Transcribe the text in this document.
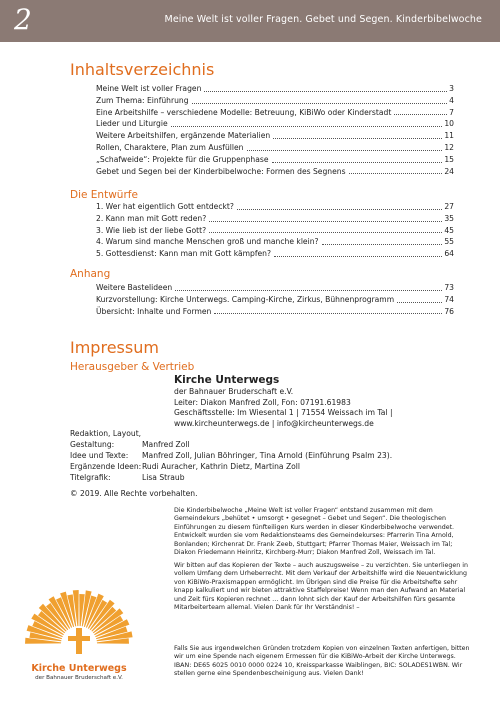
2	Meine Welt ist voller Fragen. Gebet und Segen. Kinderbibelwoche
Inhaltsverzeichnis
Meine Welt ist voller Fragen	3
Zum Thema: Einführung	4
Eine Arbeitshilfe – verschiedene Modelle: Betreuung, KiBiWo oder Kinderstadt	7
Lieder und Liturgie	10
Weitere Arbeitshilfen, ergänzende Materialien	11
Rollen, Charaktere, Plan zum Ausfüllen	12
„Schafweide“: Projekte für die Gruppenphase	15
Gebet und Segen bei der Kinderbibelwoche: Formen des Segnens	24
Die Entwürfe
1. Wer hat eigentlich Gott entdeckt?	27
2. Kann man mit Gott reden?	35
3. Wie lieb ist der liebe Gott?	45
4. Warum sind manche Menschen groß und manche klein?	55
5. Gottesdienst: Kann man mit Gott kämpfen?	64
Anhang
Weitere Bastelideen	73
Kurzvorstellung: Kirche Unterwegs. Camping-Kirche, Zirkus, Bühnenprogramm	74
Übersicht: Inhalte und Formen	76
Impressum
Herausgeber & Vertrieb
Kirche Unterwegs
der Bahnauer Bruderschaft e.V.
Leiter: Diakon Manfred Zoll, Fon: 07191.61983
Geschäftsstelle: Im Wiesental 1 | 71554 Weissach im Tal |
www.kircheunterwegs.de | info@kircheunterwegs.de
Redaktion, Layout,
Gestaltung:	Manfred Zoll
Idee und Texte:	Manfred Zoll, Julian Böhringer, Tina Arnold (Einführung Psalm 23).
Ergänzende Ideen: Rudi Auracher, Kathrin Dietz, Martina Zoll
Titelgrafik:	Lisa Straub
© 2019. Alle Rechte vorbehalten.
Die Kinderbibelwoche „Meine Welt ist voller Fragen“ entstand zusammen mit dem Gemeindekurs „behütet • umsorgt • gesegnet – Gebet und Segen“. Die theologischen Einführungen zu diesem fünfteiligen Kurs werden in dieser Kinderbibelwoche verwendet. Entwickelt wurden sie vom Redaktionsteams des Gemeindekurses: Pfarrerin Tina Arnold, Bonlanden; Kirchenrat Dr. Frank Zeeb, Stuttgart; Pfarrer Thomas Maier, Weissach im Tal; Diakon Friedemann Heinritz, Kirchberg-Murr; Diakon Manfred Zoll, Weissach im Tal.
Wir bitten auf das Kopieren der Texte – auch auszugsweise – zu verzichten. Sie unterliegen in vollem Umfang dem Urheberrecht. Mit dem Verkauf der Arbeitshilfe wird die Neuentwicklung von KiBiWo-Praxismappen ermöglicht. Im Übrigen sind die Preise für die Arbeitshefte sehr knapp kalkuliert und wir bieten attraktive Staffelpreise! Wenn man den Aufwand an Material und Zeit fürs Kopieren rechnet … dann lohnt sich der Kauf der Arbeitshilfen fürs gesamte Mitarbeiterteam allemal. Vielen Dank für Ihr Verständnis! –
Falls Sie aus irgendwelchen Gründen trotzdem Kopien von einzelnen Texten anfertigen, bitten wir um eine Spende nach eigenem Ermessen für die KiBiWo-Arbeit der Kirche Unterwegs. IBAN: DE65 6025 0010 0000 0224 10, Kreissparkasse Waiblingen, BIC: SOLADES1WBN. Wir stellen gerne eine Spendenbescheinigung aus. Vielen Dank!
Kirche Unterwegs
der Bahnauer Bruderschaft e.V.
